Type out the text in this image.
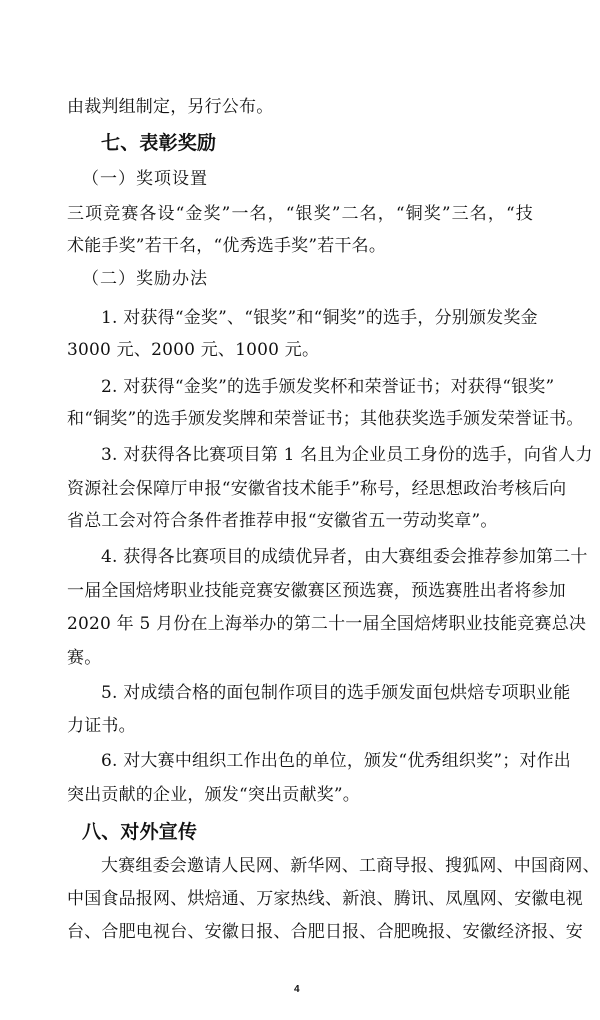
由裁判组制定，另行公布。
七、表彰奖励
（一）奖项设置
三项竞赛各设“金奖”一名，“银奖”二名，“铜奖”三名，“技
术能手奖”若干名，“优秀选手奖”若干名。
（二）奖励办法
1. 对获得“金奖”、“银奖”和“铜奖”的选手，分别颁发奖金
3000 元、2000 元、1000 元。
2. 对获得“金奖”的选手颁发奖杯和荣誉证书；对获得“银奖”
和“铜奖”的选手颁发奖牌和荣誉证书；其他获奖选手颁发荣誉证书。
3. 对获得各比赛项目第 1 名且为企业员工身份的选手，向省人力
资源社会保障厅申报“安徽省技术能手”称号，经思想政治考核后向
省总工会对符合条件者推荐申报“安徽省五一劳动奖章”。
4. 获得各比赛项目的成绩优异者，由大赛组委会推荐参加第二十
一届全国焙烤职业技能竞赛安徽赛区预选赛，预选赛胜出者将参加
2020 年 5 月份在上海举办的第二十一届全国焙烤职业技能竞赛总决
赛。
5. 对成绩合格的面包制作项目的选手颁发面包烘焙专项职业能
力证书。
6. 对大赛中组织工作出色的单位，颁发“优秀组织奖”；对作出
突出贡献的企业，颁发“突出贡献奖”。
八、对外宣传
大赛组委会邀请人民网、新华网、工商导报、搜狐网、中国商网、
中国食品报网、烘焙通、万家热线、新浪、腾讯、凤凰网、安徽电视
台、合肥电视台、安徽日报、合肥日报、合肥晚报、安徽经济报、安
4
